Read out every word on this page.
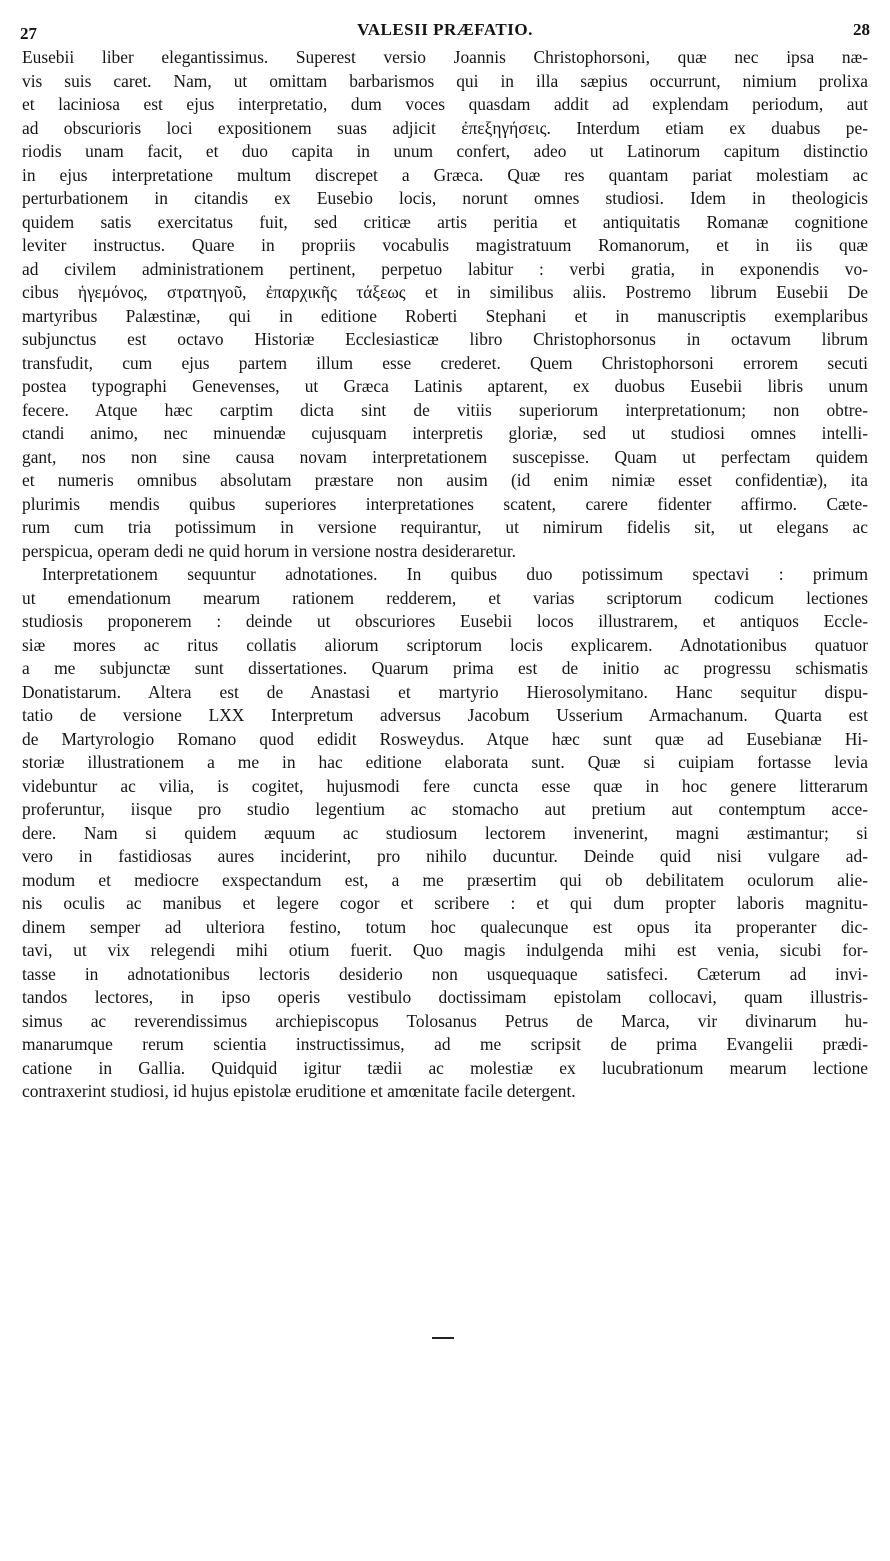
27	VALESII PRÆFATIO.	28
Eusebii liber elegantissimus. Superest versio Joannis Christophorsoni, quæ nec ipsa næ-
vis suis caret. Nam, ut omittam barbarismos qui in illa sæpius occurrunt, nimium prolixa
et laciniosa est ejus interpretatio, dum voces quasdam addit ad explendam periodum, aut
ad obscurioris loci expositionem suas adjicit ἐπεξηγήσεις. Interdum etiam ex duabus pe-
riodis unam facit, et duo capita in unum confert, adeo ut Latinorum capitum distinctio
in ejus interpretatione multum discrepet a Græca. Quæ res quantam pariat molestiam ac
perturbationem in citandis ex Eusebio locis, norunt omnes studiosi. Idem in theologicis
quidem satis exercitatus fuit, sed criticæ artis peritia et antiquitatis Romanæ cognitione
leviter instructus. Quare in propriis vocabulis magistratuum Romanorum, et in iis quæ
ad civilem administrationem pertinent, perpetuo labitur : verbi gratia, in exponendis vo-
cibus ἡγεμόνος, στρατηγοῦ, ἐπαρχικῆς τάξεως et in similibus aliis. Postremo librum Eusebii De
martyribus Palæstinæ, qui in editione Roberti Stephani et in manuscriptis exemplaribus
subjunctus est octavo Historiæ Ecclesiasticæ libro Christophorsonus in octavum librum
transfudit, cum ejus partem illum esse crederet. Quem Christophorsoni errorem secuti
postea typographi Genevenses, ut Græca Latinis aptarent, ex duobus Eusebii libris unum
fecere. Atque hæc carptim dicta sint de vitiis superiorum interpretationum; non obtre-
ctandi animo, nec minuendæ cujusquam interpretis gloriæ, sed ut studiosi omnes intelli-
gant, nos non sine causa novam interpretationem suscepisse. Quam ut perfectam quidem
et numeris omnibus absolutam præstare non ausim (id enim nimiæ esset confidentiæ), ita
plurimis mendis quibus superiores interpretationes scatent, carere fidenter affirmo. Cæte-
rum cum tria potissimum in versione requirantur, ut nimirum fidelis sit, ut elegans ac
perspicua, operam dedi ne quid horum in versione nostra desideraretur.
Interpretationem sequuntur adnotationes. In quibus duo potissimum spectavi : primum
ut emendationum mearum rationem redderem, et varias scriptorum codicum lectiones
studiosis proponerem : deinde ut obscuriores Eusebii locos illustrarem, et antiquos Eccle-
siæ mores ac ritus collatis aliorum scriptorum locis explicarem. Adnotationibus quatuor
a me subjunctæ sunt dissertationes. Quarum prima est de initio ac progressu schismatis
Donatistarum. Altera est de Anastasi et martyrio Hierosolymitano. Hanc sequitur dispu-
tatio de versione LXX Interpretum adversus Jacobum Usserium Armachanum. Quarta est
de Martyrologio Romano quod edidit Rosweydus. Atque hæc sunt quæ ad Eusebianæ Hi-
storiæ illustrationem a me in hac editione elaborata sunt. Quæ si cuipiam fortasse levia
videbuntur ac vilia, is cogitet, hujusmodi fere cuncta esse quæ in hoc genere litterarum
proferuntur, iisque pro studio legentium ac stomacho aut pretium aut contemptum acce-
dere. Nam si quidem æquum ac studiosum lectorem invenerint, magni æstimantur; si
vero in fastidiosas aures inciderint, pro nihilo ducuntur. Deinde quid nisi vulgare ad-
modum et mediocre exspectandum est, a me præsertim qui ob debilitatem oculorum alie-
nis oculis ac manibus et legere cogor et scribere : et qui dum propter laboris magnitu-
dinem semper ad ulteriora festino, totum hoc qualecunque est opus ita properanter dic-
tavi, ut vix relegendi mihi otium fuerit. Quo magis indulgenda mihi est venia, sicubi for-
tasse in adnotationibus lectoris desiderio non usquequaque satisfeci. Cæterum ad invi-
tandos lectores, in ipso operis vestibulo doctissimam epistolam collocavi, quam illustris-
simus ac reverendissimus archiepiscopus Tolosanus Petrus de Marca, vir divinarum hu-
manarumque rerum scientia instructissimus, ad me scripsit de prima Evangelii prædi-
catione in Gallia. Quidquid igitur tædii ac molestiæ ex lucubrationum mearum lectione
contraxerint studiosi, id hujus epistolæ eruditione et amœnitate facile detergent.
